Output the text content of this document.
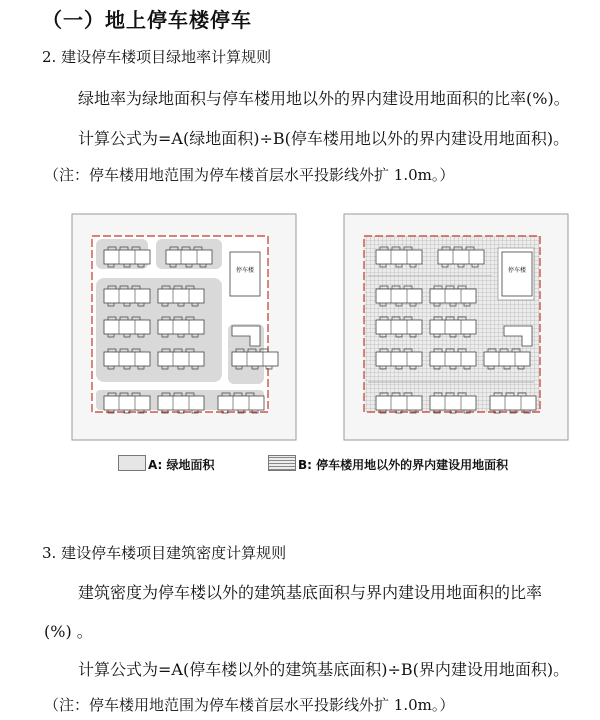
（一）地上停车楼停车
2. 建设停车楼项目绿地率计算规则
绿地率为绿地面积与停车楼用地以外的界内建设用地面积的比率(%)。
计算公式为=A(绿地面积)÷B(停车楼用地以外的界内建设用地面积)。
（注：停车楼用地范围为停车楼首层水平投影线外扩 1.0m。）
停车楼	停车楼
A: 绿地面积	B: 停车楼用地以外的界内建设用地面积
3. 建设停车楼项目建筑密度计算规则
建筑密度为停车楼以外的建筑基底面积与界内建设用地面积的比率
(%) 。
计算公式为=A(停车楼以外的建筑基底面积)÷B(界内建设用地面积)。
（注：停车楼用地范围为停车楼首层水平投影线外扩 1.0m。）
